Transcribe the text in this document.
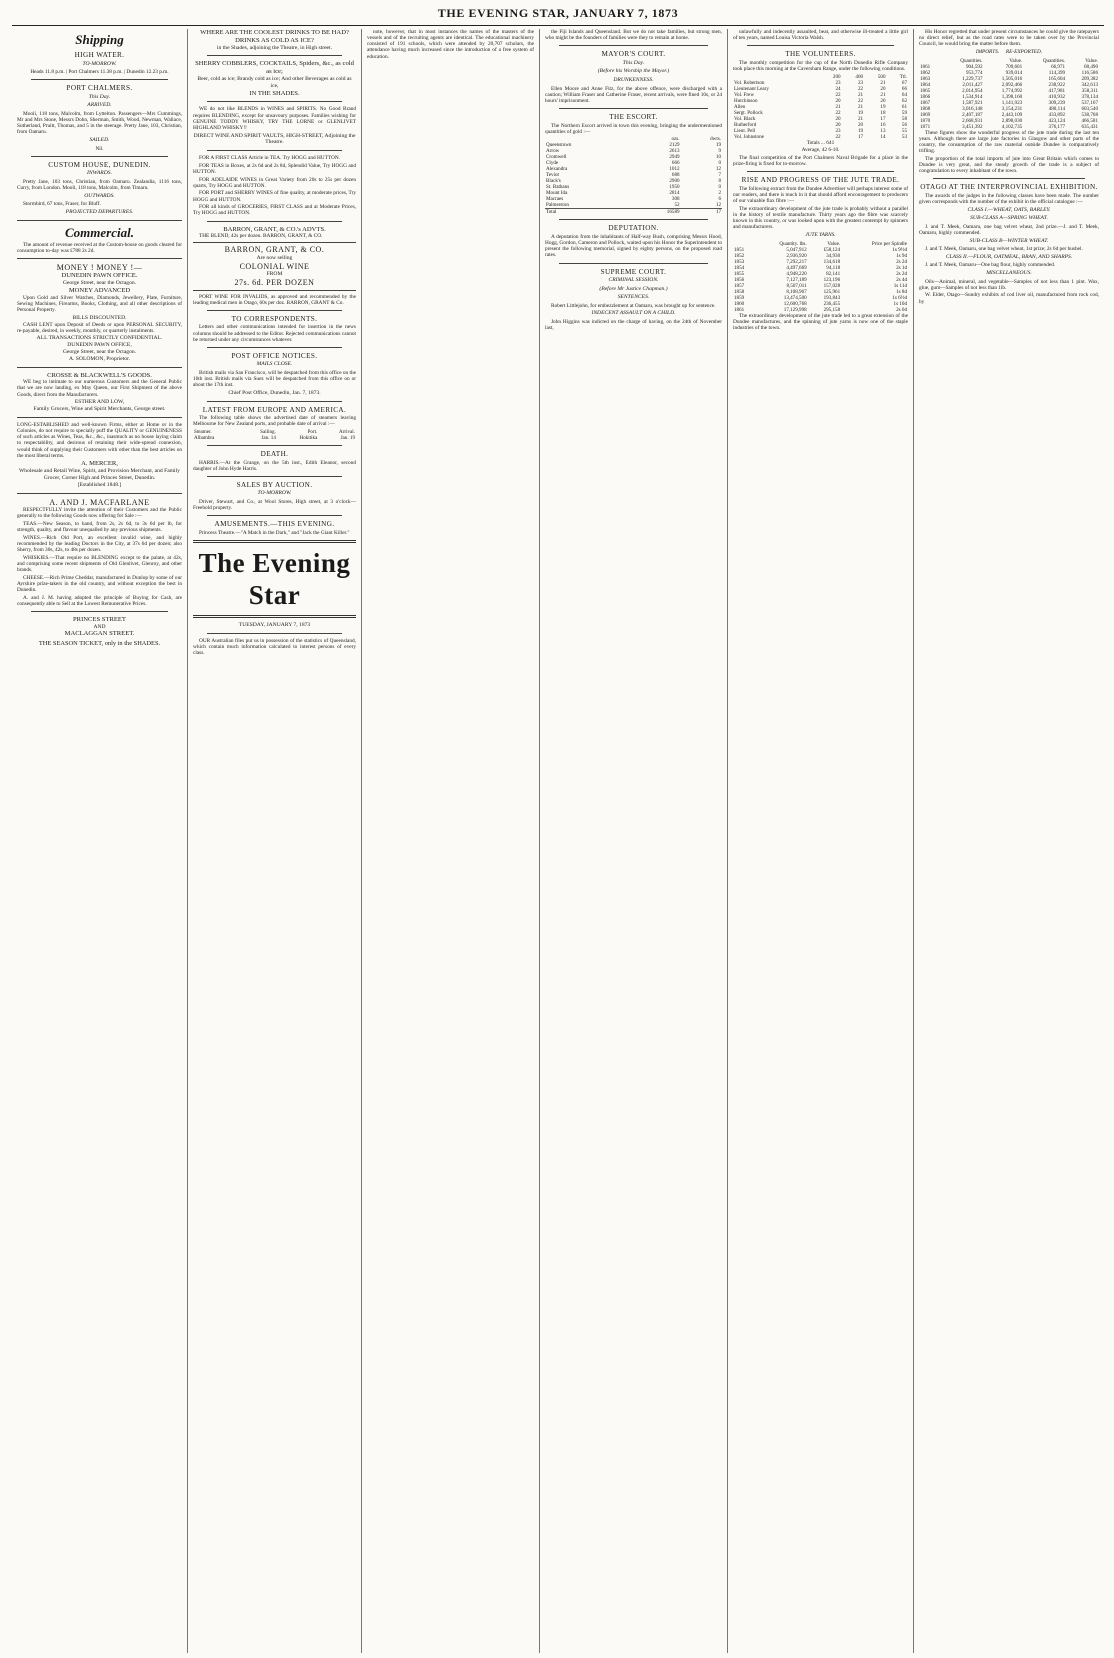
THE EVENING STAR, JANUARY 7, 1873
Shipping
HIGH WATER.
TO-MORROW.

Heads 11.8 p.m. | Port Chalmers 11.38 p.m. | Dunedin 12.23 p.m.

PORT CHALMERS.
This Day.
ARRIVED.

Mooli, 118 tons, Malcolm, from Lyttelton. Passengers—Mrs Cummings, Mr and Mrs Stone, Messrs Dohn, Sherman, Smith, Wood, Newman, Wallace, Sutherland, Pruitt, Thomas, and 5 in the steerage. Pretty Jane, 103, Christian, from Oamaru.

SAILED.

Nil.

CUSTOM HOUSE, DUNEDIN.
INWARDS.

Pretty Jane, 103 tons, Christian, from Oamaru. Zealandia, 1116 tons, Curry, from London. Mooli, 118 tons, Malcolm, from Timaru.

OUTWARDS.

Stormbird, 67 tons, Fraser, for Bluff.

PROJECTED DEPARTURES.
Commercial.

The amount of revenue received at the Custom-house on goods cleared for consumption to-day was £788 2s 2d.

MONEY ! MONEY !—
DUNEDIN PAWN OFFICE.
George Street, near the Octagon.
MONEY ADVANCED

Upon Gold and Silver Watches, Diamonds, Jewellery, Plate, Furniture, Sewing Machines, Firearms, Books, Clothing, and all other descriptions of Personal Property.

BILLS DISCOUNTED.

CASH LENT upon Deposit of Deeds or upon PERSONAL SECURITY, re-payable, desired, in weekly, monthly, or quarterly instalments.

ALL TRANSACTIONS STRICTLY CONFIDENTIAL.
DUNEDIN PAWN OFFICE,
George Street, near the Octagon.
A. SOLOMON, Proprietor.
CROSSE & BLACKWELL'S GOODS.

WE beg to intimate to our numerous Customers and the General Public that we are now landing, ex May Queen, our First Shipment of the above Goods, direct from the Manufacturers.

ESTHER AND LOW,
Family Grocers, Wine and Spirit Merchants, George street.

LONG-ESTABLISHED and well-known Firms, either at Home or in the Colonies, do not require to specially puff the QUALITY or GENUINENESS of such articles as Wines, Teas, &c., &c., inasmuch as no house laying claim to respectability, and desirous of retaining their wide-spread connexion, would think of supplying their Customers with other than the best articles on the most liberal terms.

A. MERCER,
Wholesale and Retail Wine, Spirit, and Provision Merchant, and Family Grocer, Corner High and Princes Street, Dunedin.
[Established 1848.]
A. AND J. MACFARLANE

RESPECTFULLY invite the attention of their Customers and the Public generally to the following Goods now offering for Sale :—

TEAS.—New Season, to hand, from 2s, 2s 6d, to 3s 6d per lb, for strength, quality, and flavour unequalled by any previous shipments.

WINES.—Rich Old Port, an excellent invalid wine, and highly recommended by the leading Doctors in the City, at 37s 6d per dozen; also Sherry, from 30s, 42s, to 48s per dozen.

WHISKIES.—That require no BLENDING except to the palate, at 42s, and comprising some recent shipments of Old Glenlivet, Glenroy, and other brands.

CHEESE.—Rich Prime Cheddar, manufactured in Dunlop by some of our Ayrshire prize-takers in the old country, and without exception the best in Dunedin.

A. and J. M. having adopted the principle of Buying for Cash, are consequently able to Sell at the Lowest Remunerative Prices.

PRINCES STREET
AND
MACLAGGAN STREET.
THE SEASON TICKET, only in the SHADES.
WHERE ARE THE COOLEST DRINKS TO BE HAD? DRINKS AS COLD AS ICE?
in the Shades, adjoining the Theatre, in High street.
SHERRY COBBLERS, COCKTAILS, Spiders, &c., as cold as ice;
Beer, cold as ice; Brandy cold as ice; And other Beverages as cold as ice,
IN THE SHADES.

WE do not like BLENDS in WINES and SPIRITS. No Good Brand requires BLENDING, except for unsavoury purposes. Families wishing for GENUINE TODDY WHISKY, TRY THE LORNE or GLENLIVET HIGHLAND WHISKY!!

DIRECT WINE AND SPIRIT VAULTS, HIGH-STREET, Adjoining the Theatre.

FOR A FIRST CLASS Article in TEA. Try HOGG and HUTTON.

FOR TEAS in Boxes, at 2s 6d and 2s 8d, Splendid Value, Try HOGG and HUTTON.

FOR ADELAIDE WINES in Great Variety from 20s to 25s per dozen quarts, Try HOGG and HUTTON.

FOR PORT and SHERRY WINES of fine quality, at moderate prices, Try HOGG and HUTTON.

FOR all kinds of GROCERIES, FIRST CLASS and at Moderate Prices, Try HOGG and HUTTON.

BARRON, GRANT, & CO.'s ADVTS.

THE BLEND, 42s per dozen. BARRON, GRANT, & CO.

BARRON, GRANT, & CO.
Are now selling
COLONIAL WINE
FROM
27s. 6d. PER DOZEN

PORT WINE FOR INVALIDS, as approved and recommended by the leading medical men in Otago, 60s per doz. BARRON, GRANT & Co.

TO CORRESPONDENTS.

Letters and other communications intended for insertion in the news columns should be addressed to the Editor. Rejected communications cannot be returned under any circumstances whatever.

POST OFFICE NOTICES.
MAILS CLOSE.

British mails via San Francisco, will be despatched from this office on the 16th inst. British mails via Suez will be despatched from this office on or about the 17th inst.

Chief Post Office, Dunedin, Jan. 7, 1873.
LATEST FROM EUROPE AND AMERICA.

The following table shows the advertised date of steamers leaving Melbourne for New Zealand ports, and probable date of arrival :—

Steamer.	Sailing.	Port.	Arrival.
Albambra	Jan. 14	Hokitika	Jan. 19
DEATH.

HARRIS.—At the Grange, on the 5th inst., Edith Eleanor, second daughter of John Hyde Harris.

SALES BY AUCTION.
TO-MORROW.

Driver, Stewart, and Co., at Wool Stores, High street, at 3 o'clock—Freehold property.

AMUSEMENTS.—THIS EVENING.

Princess Theatre.—"A Match in the Dark," and "Jack the Giant Killer."

The Evening Star
TUESDAY, JANUARY 7, 1873

OUR Australian files put us in possession of the statistics of Queensland, which contain much information calculated to interest persons of every class.

note, however, that in most instances the names of the masters of the vessels and of the recruiting agents are identical. The educational machinery consisted of 191 schools, which were attended by 20,707 scholars, the attendance having much increased since the introduction of a free system of education.

the Fiji Islands and Queensland. But we do not take families, but strong men, who might be the founders of families were they to remain at home.

MAYOR'S COURT.
This Day.
(Before his Worship the Mayor.)
DRUNKENNESS.

Ellen Moore and Anne Fitz, for the above offence, were discharged with a caution; William Fraser and Catherine Fraser, recent arrivals, were fined 10s, or 24 hours' imprisonment.

THE ESCORT.

The Northern Escort arrived in town this evening, bringing the undermentioned quantities of gold :—

	ozs.	dwts.
Queenstown	2129	19
Arrow	2613	9
Cromwell	2949	10
Clyde	666	0
Alexandra	1012	12
Teviot	688	7
Black's	2900	8
St. Bathans	1950	0
Mount Ida	2814	2
Macraes	308	6
Palmerston	52	12
Total	16589	17
DEPUTATION.

A deputation from the inhabitants of Half-way Bush, comprising Messrs Hood, Hogg, Gordon, Cameron and Pollock, waited upon his Honor the Superintendent to present the following memorial, signed by eighty persons, on the proposed road rates.

SUPREME COURT.
CRIMINAL SESSION.
(Before Mr Justice Chapman.)
SENTENCES.

Robert Littlejohn, for embezzlement at Oamaru, was brought up for sentence.

INDECENT ASSAULT ON A CHILD.

John Higgins was indicted on the charge of having, on the 24th of November last,

unlawfully and indecently assaulted, beat, and otherwise ill-treated a little girl of ten years, named Louisa Victoria Walsh.

THE VOLUNTEERS.

The monthly competition for the cup of the North Dunedin Rifle Company took place this morning at the Caversham Range, under the following conditions.

	200	400	500	Ttl.
Vol. Robertson	23	23	21	67
Lieutenant Leary	24	22	20	66
Vol. Frew	22	21	21	64
Hutchinson	20	22	20	62
Allen	21	21	19	61
Sergt. Pollock	22	19	18	59
Vol. Black	20	21	17	58
Rutherford	20	20	16	56
Lieut. Pell	23	19	13	55
Vol. Johnstone	22	17	14	53

Totals ... 641

Average, 42 6-10.

The final competition of the Port Chalmers Naval Brigade for a place in the prize-firing is fixed for to-morrow.

RISE AND PROGRESS OF THE JUTE TRADE.

The following extract from the Dundee Advertiser will perhaps interest some of our readers, and there is much in it that should afford encouragement to producers of our valuable flax fibre :—

The extraordinary development of the jute trade is probably without a parallel in the history of textile manufacture. Thirty years ago the fibre was scarcely known in this country, or was looked upon with the greatest contempt by spinners and manufacturers.

JUTE YARNS.
	Quantity. lbs.	Value.	Price per Spindle
1851	5,047,912	£58,124	1s 9½d
1852	2,936,920	34,930	1s 9d
1853	7,292,217	134,618	2s 2d
1854	4,497,669	94,118	2s 1d
1855	4,948,220	82,141	2s 2d
1856	7,127,189	123,196	2s 4d
1857	8,507,011	157,028	1s 11d
1858	8,108,967	125,961	1s 8d
1859	13,474,500	193,843	1s 6½d
1860	12,600,768	236,455	1s 10d
1861	17,129,998	295,158	2s 0d

The extraordinary development of the jute trade led to a great extension of the Dundee manufactures, and the spinning of jute yarns is now one of the staple industries of the town.

His Honor regretted that under present circumstances he could give the ratepayers no direct relief, but as the road rates were to be taken over by the Provincial Council, he would bring the matter before them.

IMPORTS. RE-EXPORTED.
	Quantities.	Value.	Quantities.	Value.
1861	904,592	709,601	66,971	68,490
1862	953,774	939,014	114,399	116,586
1863	1,229,737	1,505,016	165,604	209,382
1864	2,011,427	2,092,466	238,922	342,613
1865	2,014,954	1,774,992	417,981	358,311
1866	1,534,914	1,398,160	410,932	378,134
1867	1,587,921	1,141,923	309,239	537,167
1868	3,016,148	3,154,231	480,114	603,540
1869	2,407,187	2,443,109	433,892	538,768
1870	2,668,931	2,898,030	423,124	466,581
1871	3,451,392	4,102,735	376,177	635,431

These figures show the wonderful progress of the jute trade during the last ten years. Although there are large jute factories in Glasgow and other parts of the country, the consumption of the raw material outside Dundee is comparatively trifling.

The proportion of the total imports of jute into Great Britain which comes to Dundee is very great, and the steady growth of the trade is a subject of congratulation to every inhabitant of the town.

OTAGO AT THE INTERPROVINCIAL EXHIBITION.

The awards of the judges in the following classes have been made. The number given corresponds with the number of the exhibit in the official catalogue :—

CLASS I.—WHEAT, OATS, BARLEY.
SUB-CLASS A—SPRING WHEAT.

J. and T. Meek, Oamaru, one bag velvet wheat, 2nd prize.—J. and T. Meek, Oamaru, highly commended.

SUB-CLASS B—WINTER WHEAT.

J. and T. Meek, Oamaru, one bag velvet wheat, 1st prize; 2s 6d per bushel.

CLASS II.—FLOUR, OATMEAL, BRAN, AND SHARPS.

J. and T. Meek, Oamaru—One bag flour, highly commended.

MISCELLANEOUS.

Oils—Animal, mineral, and vegetable—Samples of not less than 1 pint. Wax, glue, gum—Samples of not less than 1lb.

W. Elder, Otago—Sundry exhibits of cod liver oil, manufactured from rock cod, by
